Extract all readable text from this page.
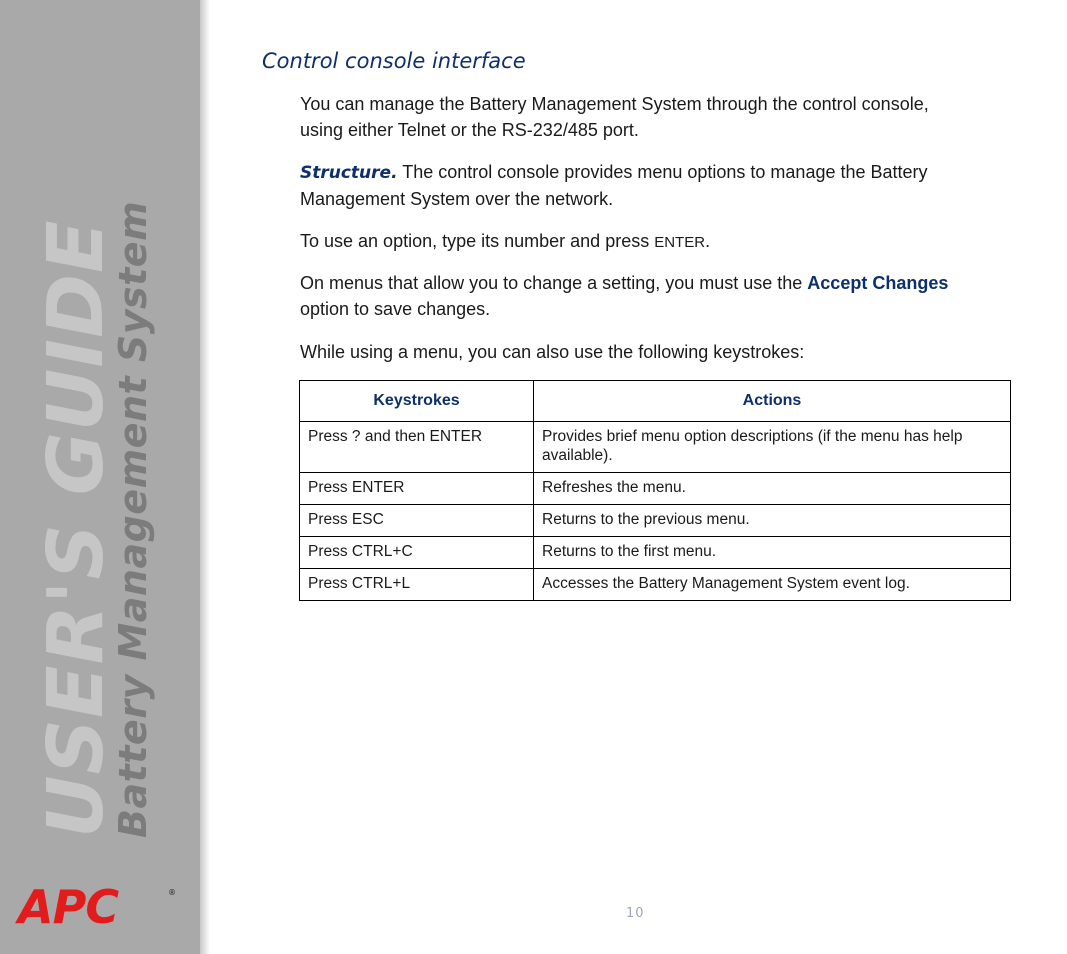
USER'S GUIDE
Battery Management System
APC	®
Control console interface

You can manage the Battery Management System through the control console, using either Telnet or the RS-232/485 port.

Structure. The control console provides menu options to manage the Battery Management System over the network.

To use an option, type its number and press ENTER.

On menus that allow you to change a setting, you must use the Accept Changes option to save changes.

While using a menu, you can also use the following keystrokes:

Keystrokes	Actions
Press ? and then ENTER	Provides brief menu option descriptions (if the menu has help available).
Press ENTER	Refreshes the menu.
Press ESC	Returns to the previous menu.
Press CTRL+C	Returns to the first menu.
Press CTRL+L	Accesses the Battery Management System event log.
10
